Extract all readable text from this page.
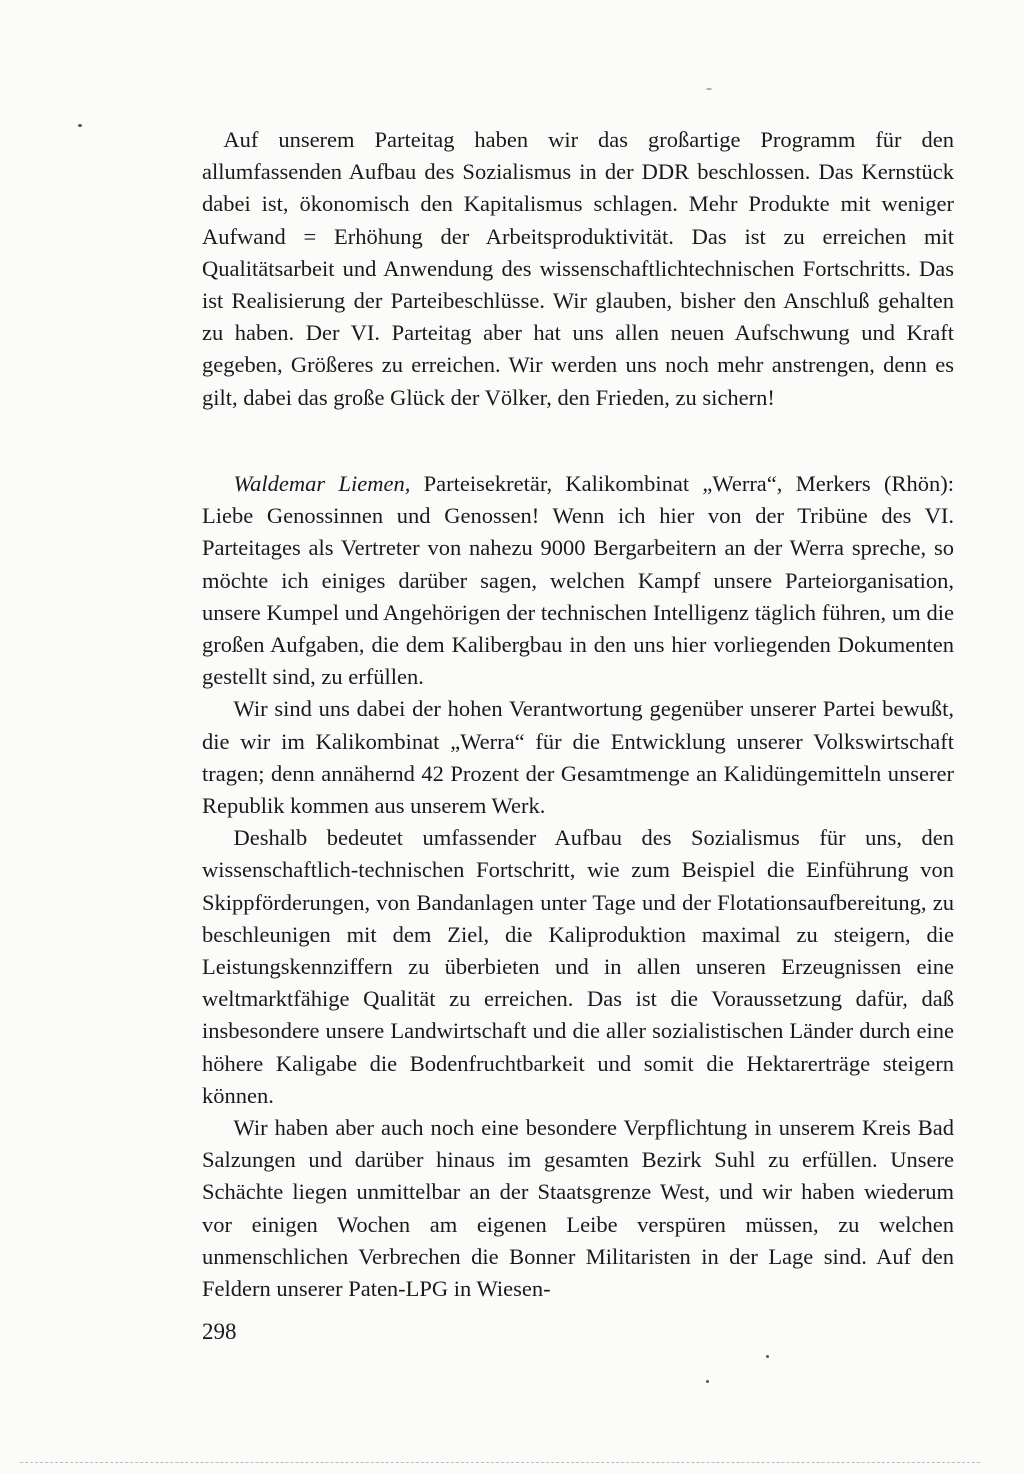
Auf unserem Parteitag haben wir das großartige Programm für den allumfassenden Aufbau des Sozialismus in der DDR beschlossen. Das Kernstück dabei ist, ökonomisch den Kapitalismus schlagen. Mehr Produkte mit weniger Aufwand = Erhöhung der Arbeitsproduktivität. Das ist zu erreichen mit Qualitätsarbeit und Anwendung des wissenschaftlichtechnischen Fortschritts. Das ist Realisierung der Parteibeschlüsse. Wir glauben, bisher den Anschluß gehalten zu haben. Der VI. Parteitag aber hat uns allen neuen Aufschwung und Kraft gegeben, Größeres zu erreichen. Wir werden uns noch mehr anstrengen, denn es gilt, dabei das große Glück der Völker, den Frieden, zu sichern!

Waldemar Liemen, Parteisekretär, Kalikombinat „Werra“, Merkers (Rhön): Liebe Genossinnen und Genossen! Wenn ich hier von der Tribüne des VI. Parteitages als Vertreter von nahezu 9000 Bergarbeitern an der Werra spreche, so möchte ich einiges darüber sagen, welchen Kampf unsere Parteiorganisation, unsere Kumpel und Angehörigen der technischen Intelligenz täglich führen, um die großen Aufgaben, die dem Kalibergbau in den uns hier vorliegenden Dokumenten gestellt sind, zu erfüllen.

Wir sind uns dabei der hohen Verantwortung gegenüber unserer Partei bewußt, die wir im Kalikombinat „Werra“ für die Entwicklung unserer Volkswirtschaft tragen; denn annähernd 42 Prozent der Gesamtmenge an Kalidüngemitteln unserer Republik kommen aus unserem Werk.

Deshalb bedeutet umfassender Aufbau des Sozialismus für uns, den wissenschaftlich-technischen Fortschritt, wie zum Beispiel die Einführung von Skippförderungen, von Bandanlagen unter Tage und der Flotationsaufbereitung, zu beschleunigen mit dem Ziel, die Kaliproduktion maximal zu steigern, die Leistungskennziffern zu überbieten und in allen unseren Erzeugnissen eine weltmarktfähige Qualität zu erreichen. Das ist die Voraussetzung dafür, daß insbesondere unsere Landwirtschaft und die aller sozialistischen Länder durch eine höhere Kaligabe die Bodenfruchtbarkeit und somit die Hektarerträge steigern können.

Wir haben aber auch noch eine besondere Verpflichtung in unserem Kreis Bad Salzungen und darüber hinaus im gesamten Bezirk Suhl zu erfüllen. Unsere Schächte liegen unmittelbar an der Staatsgrenze West, und wir haben wiederum vor einigen Wochen am eigenen Leibe verspüren müssen, zu welchen unmenschlichen Verbrechen die Bonner Militaristen in der Lage sind. Auf den Feldern unserer Paten-LPG in Wiesen-

298
